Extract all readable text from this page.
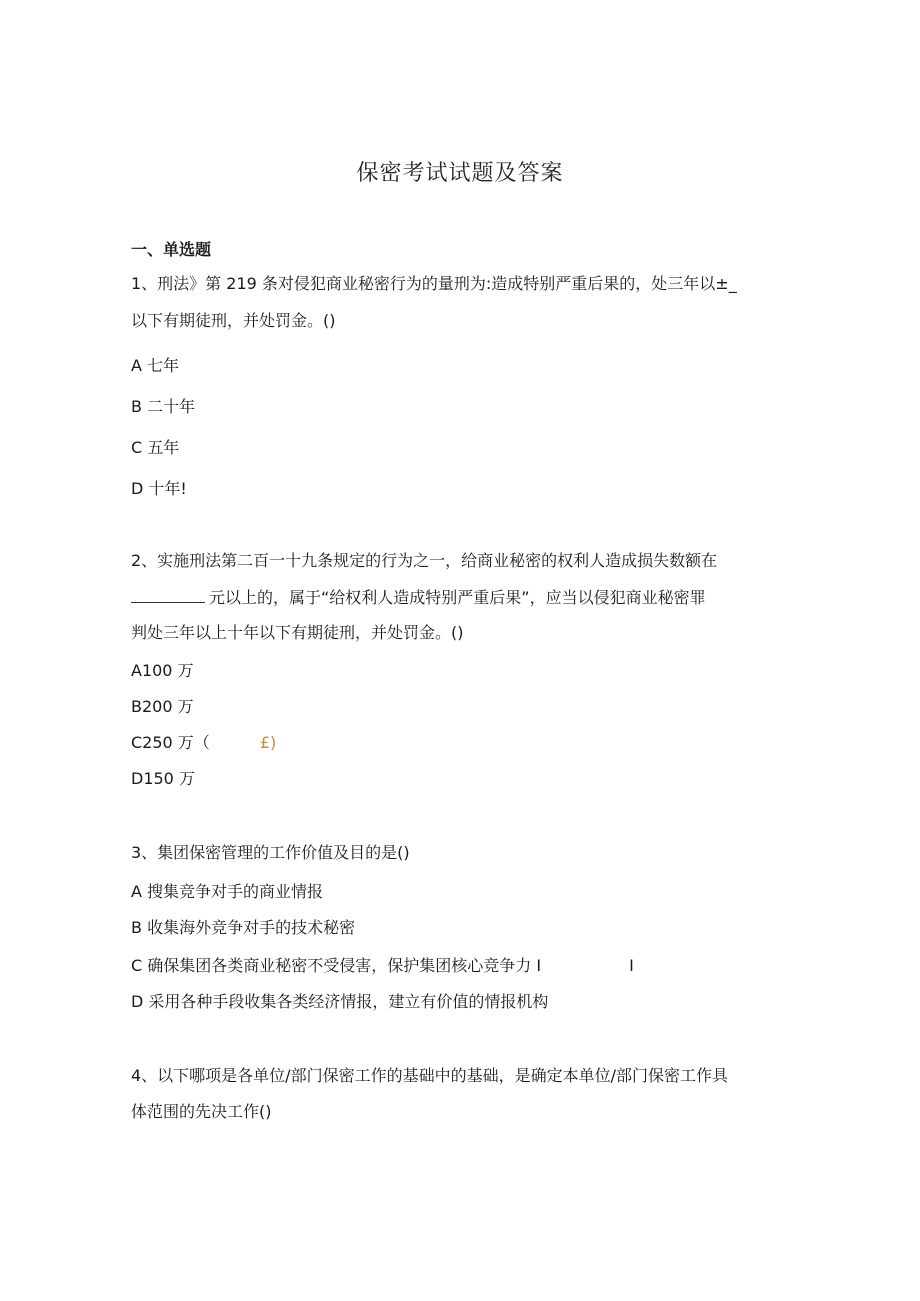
保密考试试题及答案
一、单选题
1、刑法》第 219 条对侵犯商业秘密行为的量刑为:造成特别严重后果的，处三年以±_
以下有期徒刑，并处罚金。()
A 七年
B 二十年
C 五年
D 十年!
2、实施刑法第二百一十九条规定的行为之一，给商业秘密的权利人造成损失数额在
元以上的，属于“给权利人造成特别严重后果”，应当以侵犯商业秘密罪
判处三年以上十年以下有期徒刑，并处罚金。()
A100 万
B200 万
C250 万（	£)
D150 万
3、集团保密管理的工作价值及目的是()
A 搜集竞争对手的商业情报
B 收集海外竞争对手的技术秘密
C 确保集团各类商业秘密不受侵害，保护集团核心竞争力 I	I
D 采用各种手段收集各类经济情报，建立有价值的情报机构
4、以下哪项是各单位/部门保密工作的基础中的基础，是确定本单位/部门保密工作具
体范围的先决工作()
